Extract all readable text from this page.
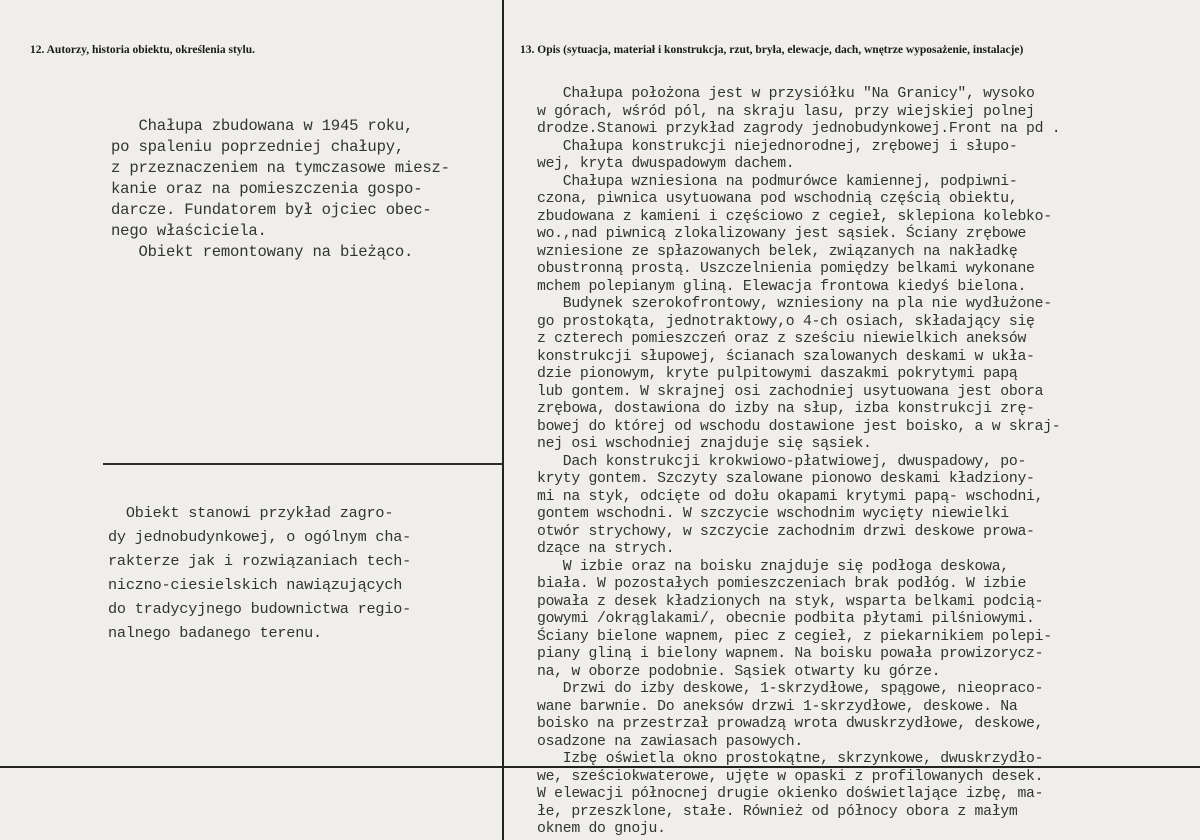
12. Autorzy, historia obiektu, określenia stylu.	13. Opis (sytuacja, materiał i konstrukcja, rzut, bryła, elewacje, dach, wnętrze wyposażenie, instalacje)
Chałupa zbudowana w 1945 roku,
po spaleniu poprzedniej chałupy,
z przeznaczeniem na tymczasowe miesz-
kanie oraz na pomieszczenia gospo-
darcze. Fundatorem był ojciec obec-
nego właściciela.
Obiekt remontowany na bieżąco.
Obiekt stanowi przykład zagro-
dy jednobudynkowej, o ogólnym cha-
rakterze jak i rozwiązaniach tech-
niczno-ciesielskich nawiązujących
do tradycyjnego budownictwa regio-
nalnego badanego terenu.
Chałupa położona jest w przysiółku "Na Granicy", wysoko
w górach, wśród pól, na skraju lasu, przy wiejskiej polnej
drodze.Stanowi przykład zagrody jednobudynkowej.Front na pd .
Chałupa konstrukcji niejednorodnej, zrębowej i słupo-
wej, kryta dwuspadowym dachem.
Chałupa wzniesiona na podmurówce kamiennej, podpiwni-
czona, piwnica usytuowana pod wschodnią częścią obiektu,
zbudowana z kamieni i częściowo z cegieł, sklepiona kolebko-
wo.,nad piwnicą zlokalizowany jest sąsiek. Ściany zrębowe
wzniesione ze spłazowanych belek, związanych na nakładkę
obustronną prostą. Uszczelnienia pomiędzy belkami wykonane
mchem polepianym gliną. Elewacja frontowa kiedyś bielona.
Budynek szerokofrontowy, wzniesiony na pla nie wydłużone-
go prostokąta, jednotraktowy,o 4-ch osiach, składający się
z czterech pomieszczeń oraz z sześciu niewielkich aneksów
konstrukcji słupowej, ścianach szalowanych deskami w ukła-
dzie pionowym, kryte pulpitowymi daszakmi pokrytymi papą
lub gontem. W skrajnej osi zachodniej usytuowana jest obora
zrębowa, dostawiona do izby na słup, izba konstrukcji zrę-
bowej do której od wschodu dostawione jest boisko, a w skraj-
nej osi wschodniej znajduje się sąsiek.
Dach konstrukcji krokwiowo-płatwiowej, dwuspadowy, po-
kryty gontem. Szczyty szalowane pionowo deskami kładziony-
mi na styk, odcięte od dołu okapami krytymi papą- wschodni,
gontem wschodni. W szczycie wschodnim wycięty niewielki
otwór strychowy, w szczycie zachodnim drzwi deskowe prowa-
dzące na strych.
W izbie oraz na boisku znajduje się podłoga deskowa,
biała. W pozostałych pomieszczeniach brak podłóg. W izbie
powała z desek kładzionych na styk, wsparta belkami podcią-
gowymi /okrąglakami/, obecnie podbita płytami pilśniowymi.
Ściany bielone wapnem, piec z cegieł, z piekarnikiem polepi-
piany gliną i bielony wapnem. Na boisku powała prowizorycz-
na, w oborze podobnie. Sąsiek otwarty ku górze.
Drzwi do izby deskowe, 1-skrzydłowe, spągowe, nieopraco-
wane barwnie. Do aneksów drzwi 1-skrzydłowe, deskowe. Na
boisko na przestrzał prowadzą wrota dwuskrzydłowe, deskowe,
osadzone na zawiasach pasowych.
Izbę oświetla okno prostokątne, skrzynkowe, dwuskrzydło-
we, sześciokwaterowe, ujęte w opaski z profilowanych desek.
W elewacji północnej drugie okienko doświetlające izbę, ma-
łe, przeszklone, stałe. Również od północy obora z małym
oknem do gnoju.
